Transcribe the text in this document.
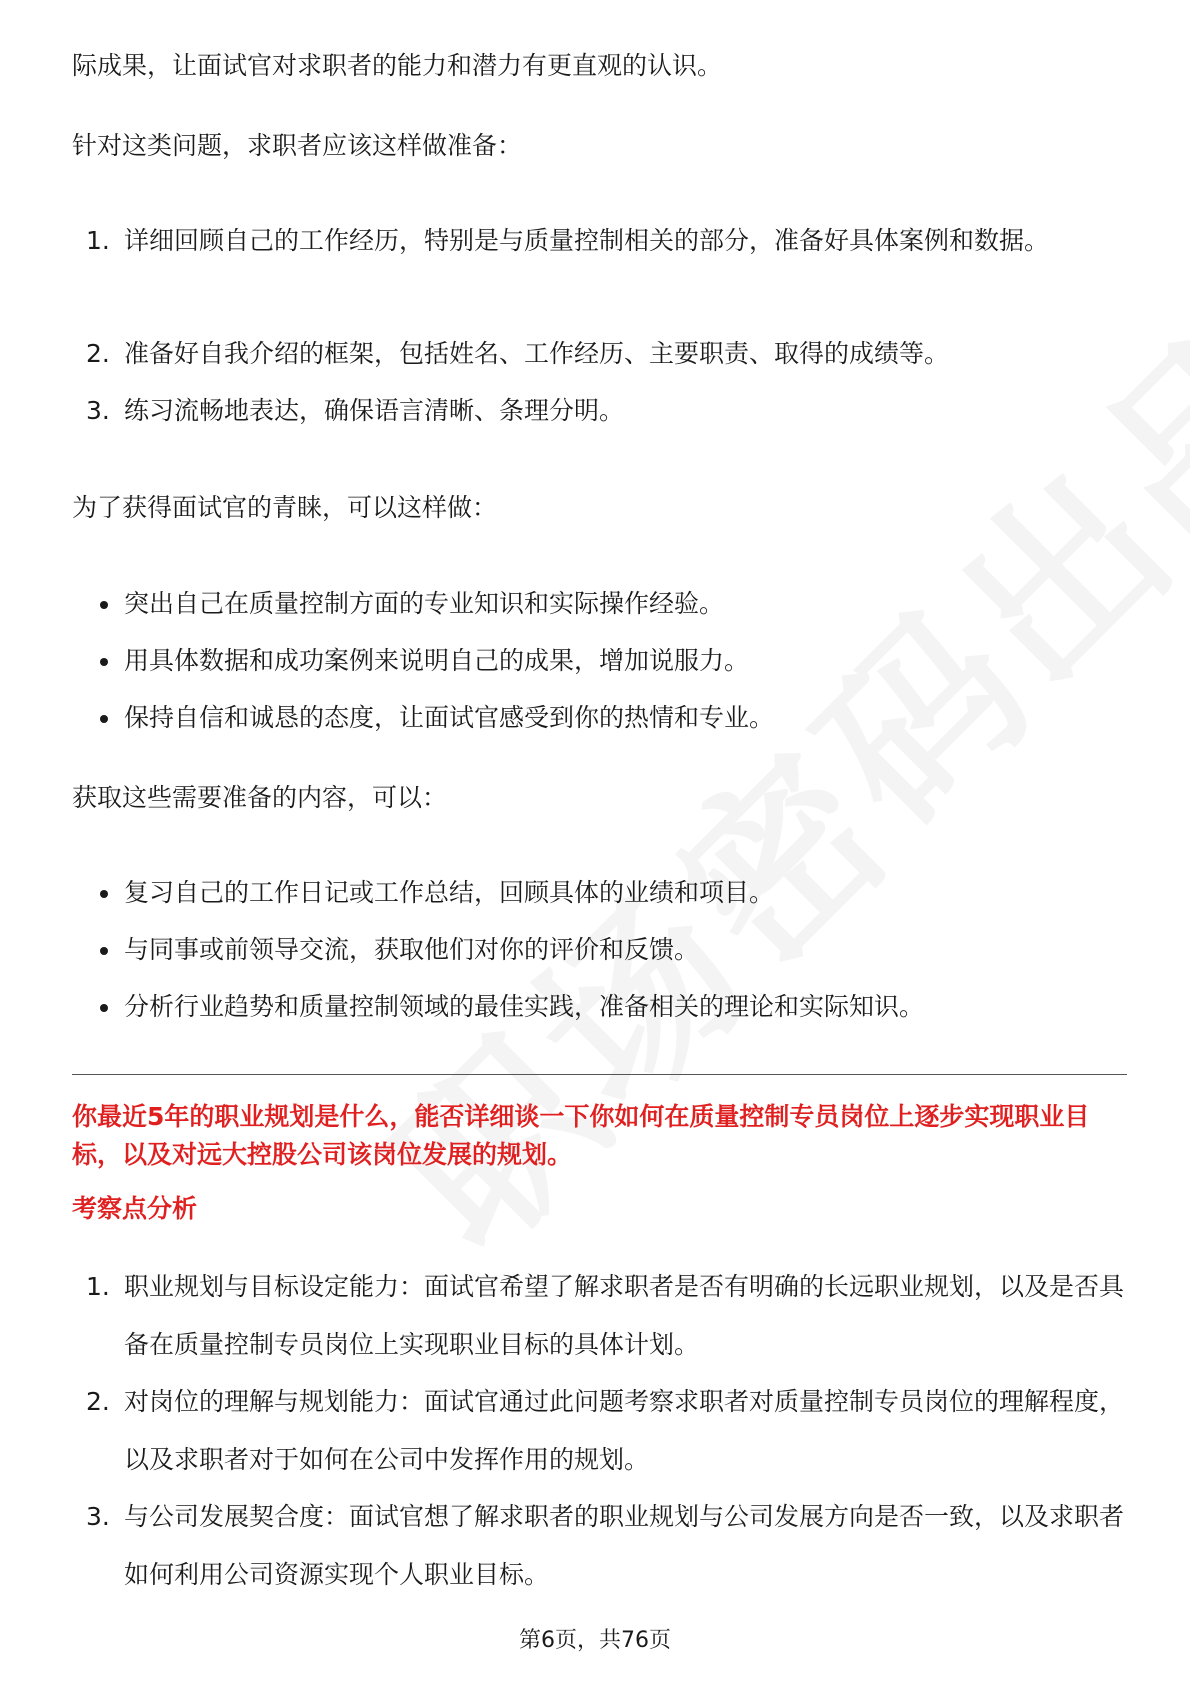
际成果，让面试官对求职者的能力和潜力有更直观的认识。
针对这类问题，求职者应该这样做准备：
1. 详细回顾自己的工作经历，特别是与质量控制相关的部分，准备好具体案例和数据。
2. 准备好自我介绍的框架，包括姓名、工作经历、主要职责、取得的成绩等。
3. 练习流畅地表达，确保语言清晰、条理分明。
为了获得面试官的青睐，可以这样做：
突出自己在质量控制方面的专业知识和实际操作经验。
用具体数据和成功案例来说明自己的成果，增加说服力。
保持自信和诚恳的态度，让面试官感受到你的热情和专业。
获取这些需要准备的内容，可以：
复习自己的工作日记或工作总结，回顾具体的业绩和项目。
与同事或前领导交流，获取他们对你的评价和反馈。
分析行业趋势和质量控制领域的最佳实践，准备相关的理论和实际知识。
你最近5年的职业规划是什么，能否详细谈一下你如何在质量控制专员岗位上逐步实现职业目标，以及对远大控股公司该岗位发展的规划。
考察点分析
1. 职业规划与目标设定能力：面试官希望了解求职者是否有明确的长远职业规划，以及是否具备在质量控制专员岗位上实现职业目标的具体计划。
2. 对岗位的理解与规划能力：面试官通过此问题考察求职者对质量控制专员岗位的理解程度，以及求职者对于如何在公司中发挥作用的规划。
3. 与公司发展契合度：面试官想了解求职者的职业规划与公司发展方向是否一致，以及求职者如何利用公司资源实现个人职业目标。
第6页，共76页
